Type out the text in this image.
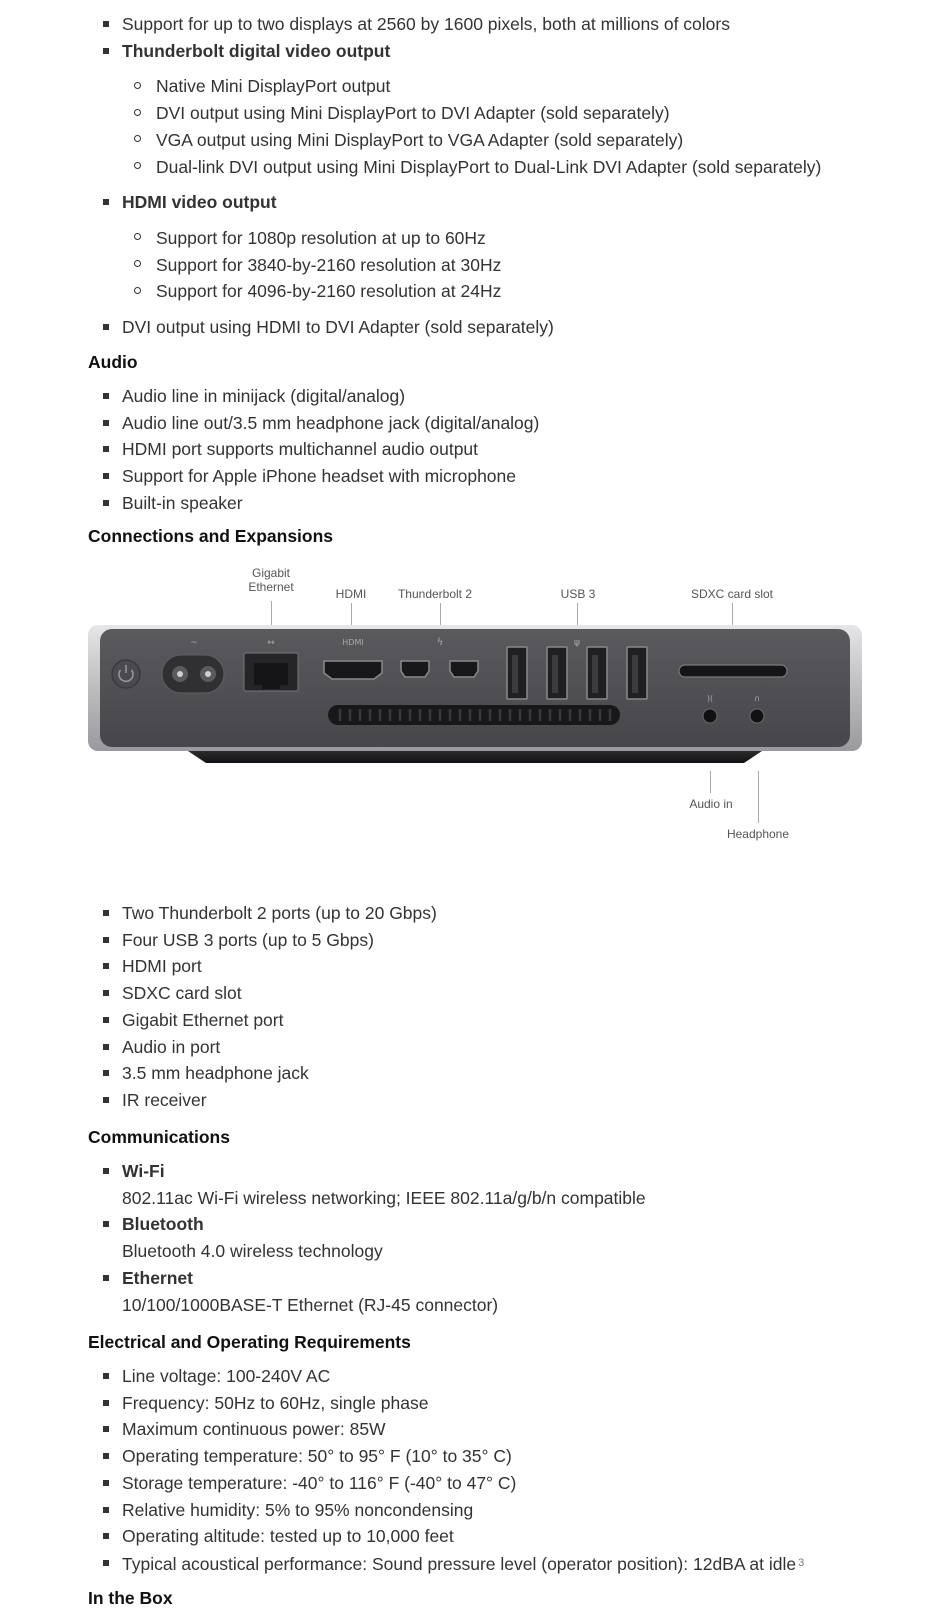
Support for up to two displays at 2560 by 1600 pixels, both at millions of colors
Thunderbolt digital video output
Native Mini DisplayPort output
DVI output using Mini DisplayPort to DVI Adapter (sold separately)
VGA output using Mini DisplayPort to VGA Adapter (sold separately)
Dual-link DVI output using Mini DisplayPort to Dual-Link DVI Adapter (sold separately)
HDMI video output
Support for 1080p resolution at up to 60Hz
Support for 3840-by-2160 resolution at 30Hz
Support for 4096-by-2160 resolution at 24Hz
DVI output using HDMI to DVI Adapter (sold separately)
Audio
Audio line in minijack (digital/analog)
Audio line out/3.5 mm headphone jack (digital/analog)
HDMI port supports multichannel audio output
Support for Apple iPhone headset with microphone
Built-in speaker
Connections and Expansions
Gigabit
Ethernet	HDMI	Thunderbolt 2	USB 3	SDXC card slot
~	↔	HDMI	ϟ	ψ
)(	∩
Audio in
Headphone
Two Thunderbolt 2 ports (up to 20 Gbps)
Four USB 3 ports (up to 5 Gbps)
HDMI port
SDXC card slot
Gigabit Ethernet port
Audio in port
3.5 mm headphone jack
IR receiver
Communications
Wi-Fi
802.11ac Wi-Fi wireless networking; IEEE 802.11a/g/b/n compatible
Bluetooth
Bluetooth 4.0 wireless technology
Ethernet
10/100/1000BASE-T Ethernet (RJ-45 connector)
Electrical and Operating Requirements
Line voltage: 100-240V AC
Frequency: 50Hz to 60Hz, single phase
Maximum continuous power: 85W
Operating temperature: 50° to 95° F (10° to 35° C)
Storage temperature: -40° to 116° F (-40° to 47° C)
Relative humidity: 5% to 95% noncondensing
Operating altitude: tested up to 10,000 feet
Typical acoustical performance: Sound pressure level (operator position): 12dBA at idle $^3$
In the Box
